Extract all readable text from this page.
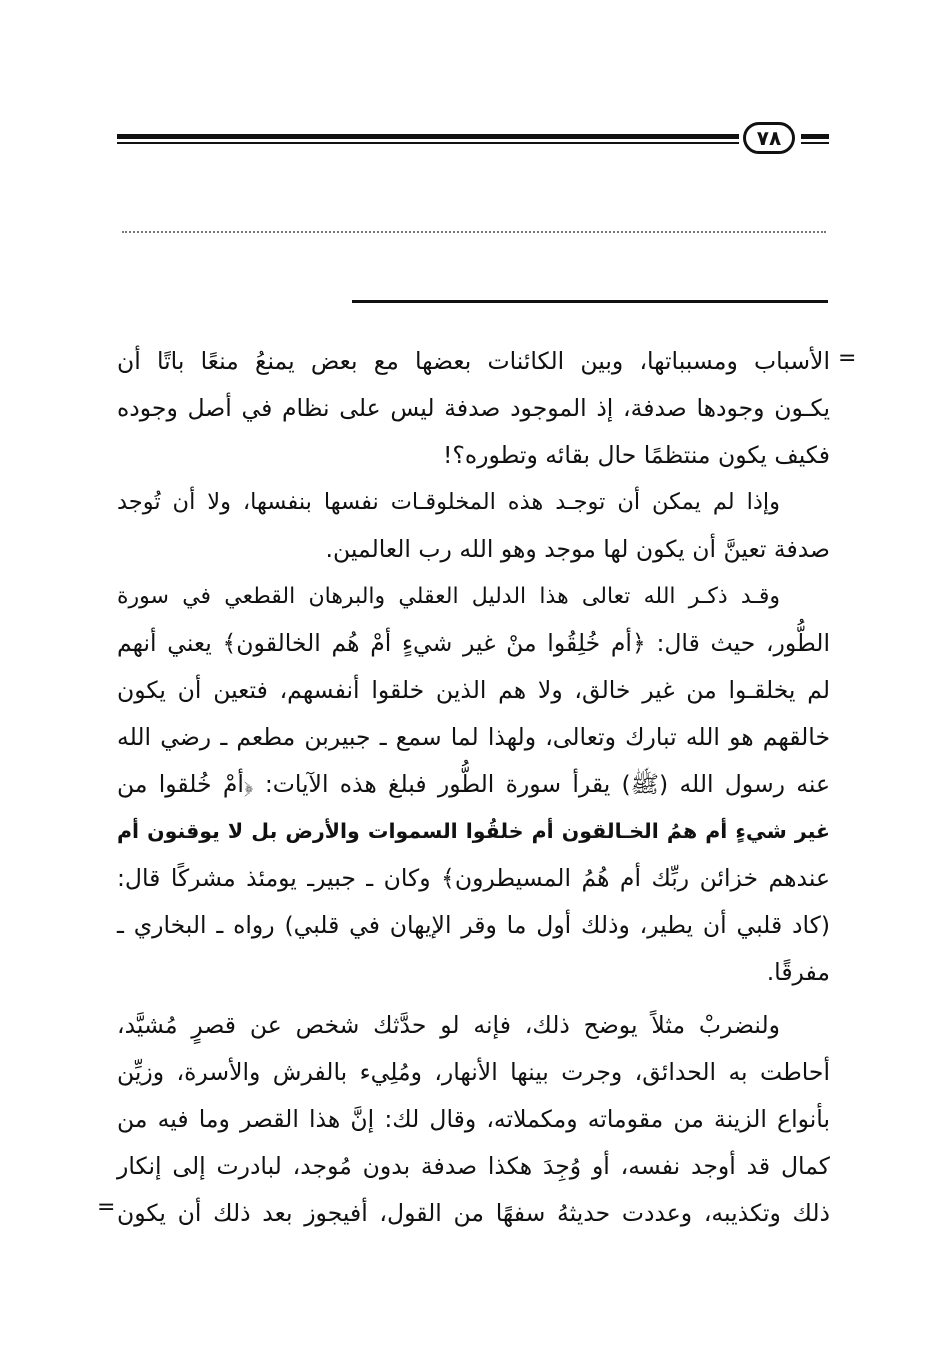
٧٨
=
=

الأسباب ومسبباتها، وبين الكائنات بعضها مع بعض يمنعُ منعًا باتًا أن
يكـون وجودها صدفة، إذ الموجود صدفة ليس على نظام في أصل وجوده
فكيف يكون منتظمًا حال بقائه وتطوره؟!

وإذا لم يمكن أن توجـد هذه المخلوقـات نفسها بنفسها، ولا أن تُوجد
صدفة تعينَّ أن يكون لها موجد وهو الله رب العالمين.

وقـد ذكـر الله تعالى هذا الدليل العقلي والبرهان القطعي في سورة
الطُّور، حيث قال: ﴿أم خُلِقُوا منْ غير شيءٍ أمْ هُم الخالقون﴾ يعني أنهم
لم يخلقـوا من غير خالق، ولا هم الذين خلقوا أنفسهم، فتعين أن يكون
خالقهم هو الله تبارك وتعالى، ولهذا لما سمع ـ جبيربن مطعم ـ رضي الله
عنه رسول الله (ﷺ) يقرأ سورة الطُّور فبلغ هذه الآيات: ﴿أمْ خُلقوا من
غير شيءٍ أم همُ الخـالقون أم خلقُوا السموات والأرض بل لا يوقنون أم
عندهم خزائن ربِّك أم هُمُ المسيطرون﴾ وكان ـ جبيرـ يومئذ مشركًا قال:
(كاد قلبي أن يطير، وذلك أول ما وقر الإيهان في قلبي) رواه ـ البخاري ـ
مفرقًا.

ولنضربْ مثلاً يوضح ذلك، فإنه لو حدَّثك شخص عن قصرٍ مُشيَّد،
أحاطت به الحدائق، وجرت بينها الأنهار، ومُلِيء بالفرش والأسرة، وزيِّن
بأنواع الزينة من مقوماته ومكملاته، وقال لك: إنَّ هذا القصر وما فيه من
كمال قد أوجد نفسه، أو وُجِدَ هكذا صدفة بدون مُوجد، لبادرت إلى إنكار
ذلك وتكذيبه، وعددت حديثهُ سفهًا من القول، أفيجوز بعد ذلك أن يكون
